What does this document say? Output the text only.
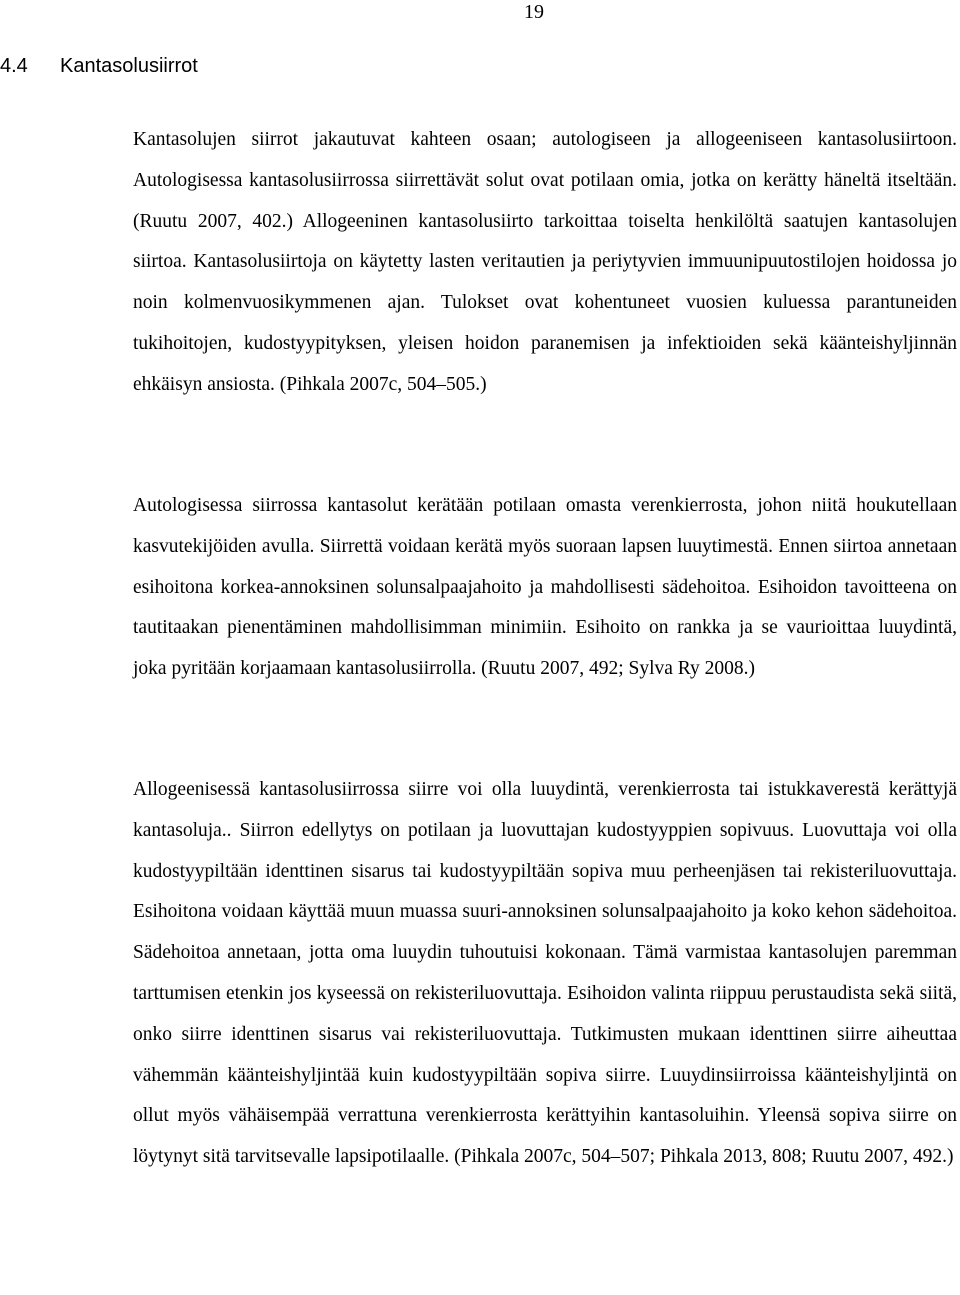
19
4.4 Kantasolusiirrot

Kantasolujen siirrot jakautuvat kahteen osaan; autologiseen ja allogeeniseen kantasolusiirtoon. Autologisessa kantasolusiirrossa siirrettävät solut ovat potilaan omia, jotka on kerätty häneltä itseltään. (Ruutu 2007, 402.) Allogeeninen kantasolusiirto tarkoittaa toiselta henkilöltä saatujen kantasolujen siirtoa. Kantasolusiirtoja on käytetty lasten veritautien ja periytyvien immuunipuutostilojen hoidossa jo noin kolmenvuosikymmenen ajan. Tulokset ovat kohentuneet vuosien kuluessa parantuneiden tukihoitojen, kudostyypityksen, yleisen hoidon paranemisen ja infektioiden sekä käänteishyljinnän ehkäisyn ansiosta. (Pihkala 2007c, 504–505.)

Autologisessa siirrossa kantasolut kerätään potilaan omasta verenkierrosta, johon niitä houkutellaan kasvutekijöiden avulla. Siirrettä voidaan kerätä myös suoraan lapsen luuytimestä. Ennen siirtoa annetaan esihoitona korkea-annoksinen solunsalpaajahoito ja mahdollisesti sädehoitoa. Esihoidon tavoitteena on tautitaakan pienentäminen mahdollisimman minimiin. Esihoito on rankka ja se vaurioittaa luuydintä, joka pyritään korjaamaan kantasolusiirrolla. (Ruutu 2007, 492; Sylva Ry 2008.)

Allogeenisessä kantasolusiirrossa siirre voi olla luuydintä, verenkierrosta tai istukkaverestä kerättyjä kantasoluja.. Siirron edellytys on potilaan ja luovuttajan kudostyyppien sopivuus. Luovuttaja voi olla kudostyypiltään identtinen sisarus tai kudostyypiltään sopiva muu perheenjäsen tai rekisteriluovuttaja. Esihoitona voidaan käyttää muun muassa suuri-annoksinen solunsalpaajahoito ja koko kehon sädehoitoa. Sädehoitoa annetaan, jotta oma luuydin tuhoutuisi kokonaan. Tämä varmistaa kantasolujen paremman tarttumisen etenkin jos kyseessä on rekisteriluovuttaja. Esihoidon valinta riippuu perustaudista sekä siitä, onko siirre identtinen sisarus vai rekisteriluovuttaja. Tutkimusten mukaan identtinen siirre aiheuttaa vähemmän käänteishyljintää kuin kudostyypiltään sopiva siirre. Luuydinsiirroissa käänteishyljintä on ollut myös vähäisempää verrattuna verenkierrosta kerättyihin kantasoluihin. Yleensä sopiva siirre on löytynyt sitä tarvitsevalle lapsipotilaalle. (Pihkala 2007c, 504–507; Pihkala 2013, 808; Ruutu 2007, 492.)
